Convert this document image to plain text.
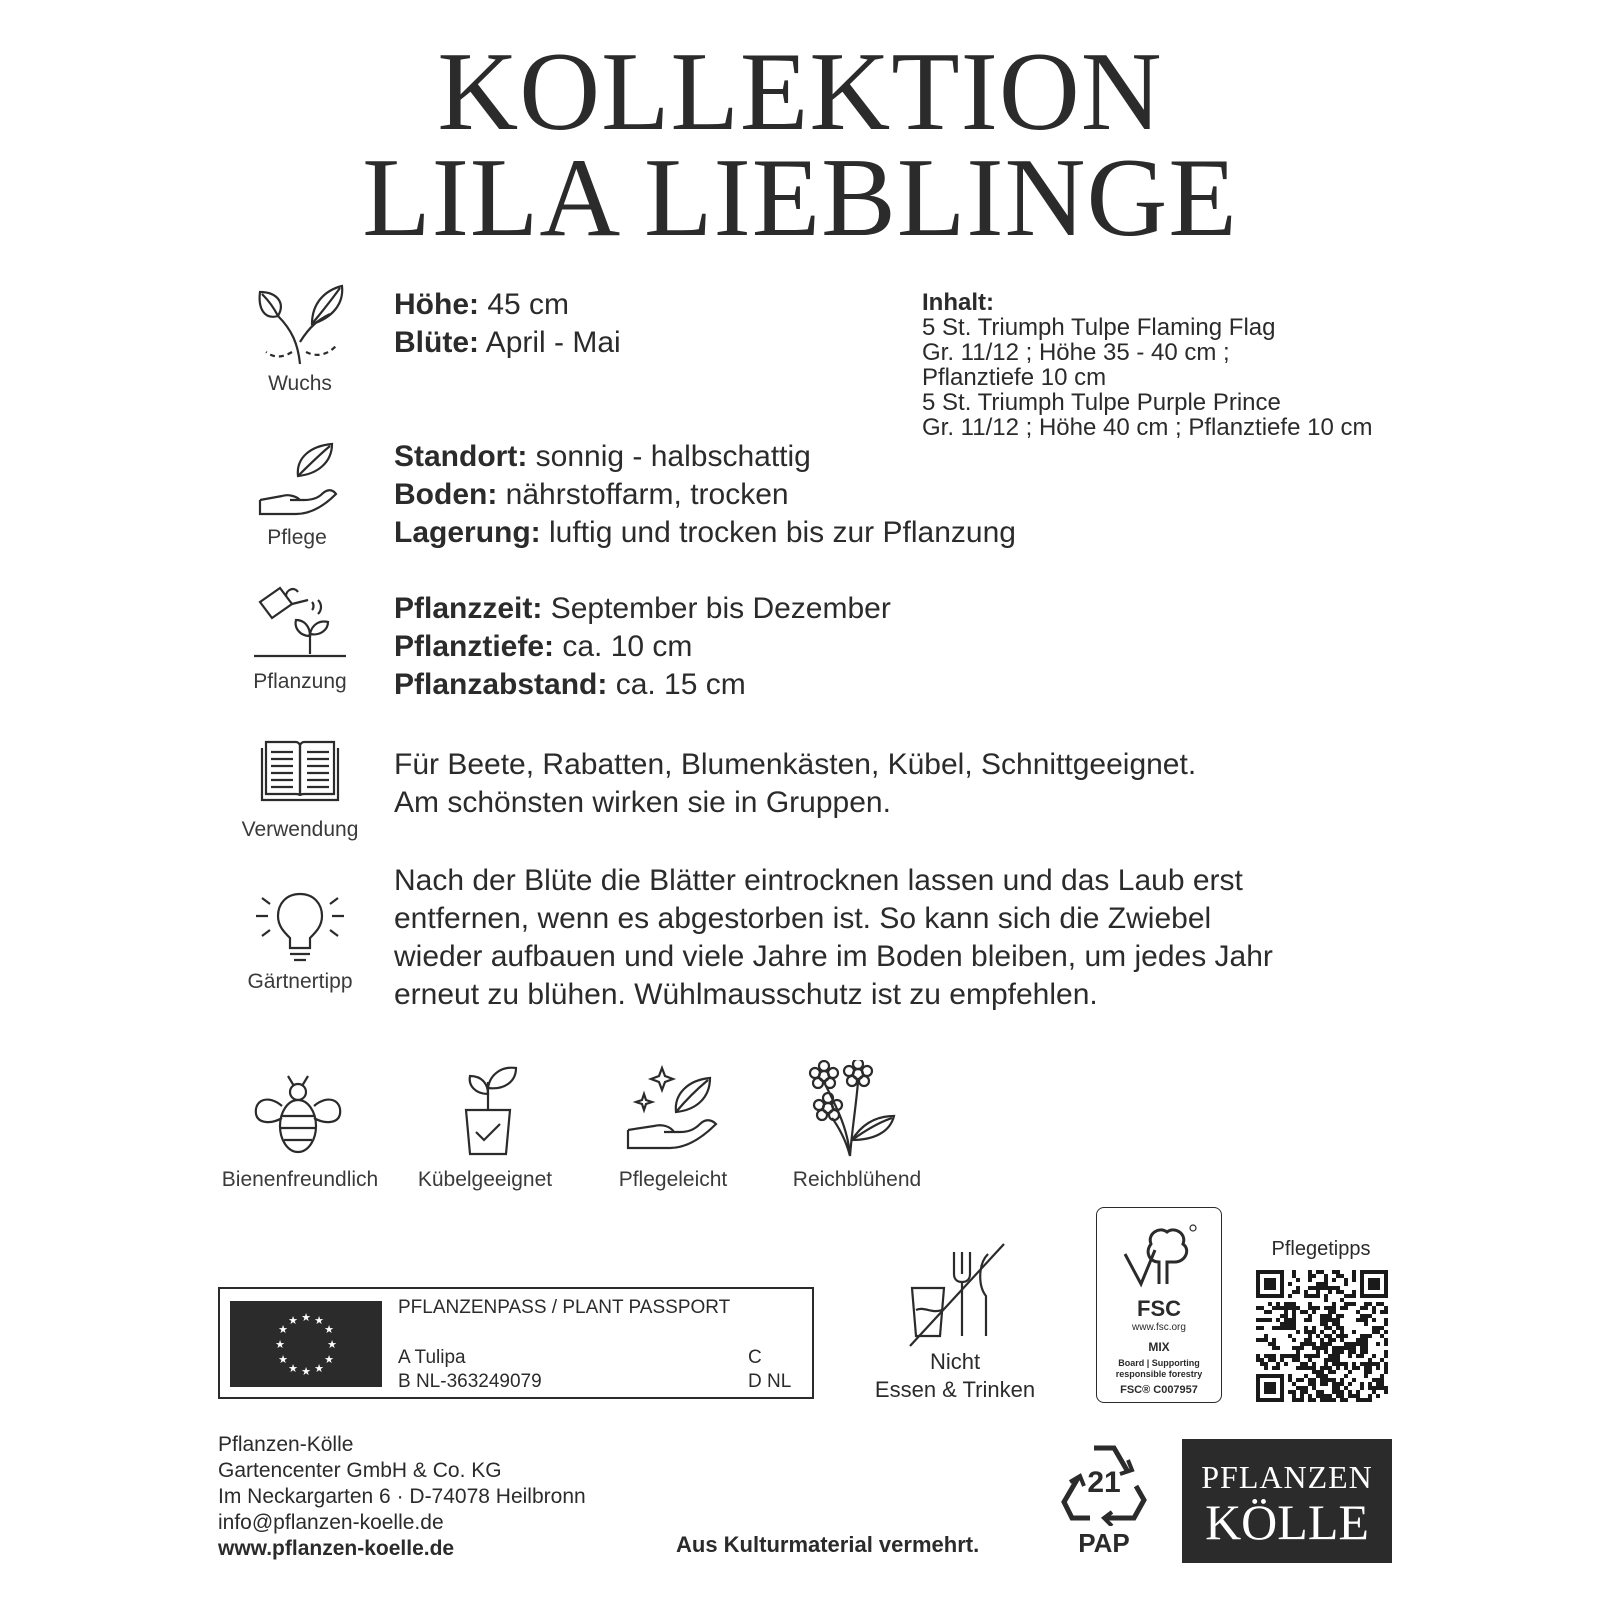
KOLLEKTION
LILA LIEBLINGE
Wuchs
Höhe: 45 cm
Blüte: April - Mai
Inhalt:
5 St. Triumph Tulpe Flaming Flag
Gr. 11/12 ; Höhe 35 - 40 cm ;
Pflanztiefe 10 cm
5 St. Triumph Tulpe Purple Prince
Gr. 11/12 ; Höhe 40 cm ; Pflanztiefe 10 cm
Pflege
Standort: sonnig - halbschattig
Boden: nährstoffarm, trocken
Lagerung: luftig und trocken bis zur Pflanzung
Pflanzung
Pflanzzeit: September bis Dezember
Pflanztiefe: ca. 10 cm
Pflanzabstand: ca. 15 cm
Verwendung
Für Beete, Rabatten, Blumenkästen, Kübel, Schnittgeeignet.
Am schönsten wirken sie in Gruppen.
Gärtnertipp
Nach der Blüte die Blätter eintrocknen lassen und das Laub erst
entfernen, wenn es abgestorben ist. So kann sich die Zwiebel
wieder aufbauen und viele Jahre im Boden bleiben, um jedes Jahr
erneut zu blühen. Wühlmausschutz ist zu empfehlen.
Bienenfreundlich	Kübelgeeignet	Pflegeleicht	Reichblühend
★ ★
★
★
★
★
★
★
★
★
★
★
PFLANZENPASS / PLANT PASSPORT
A Tulipa
B NL-363249079
C
D NL
Nicht
Essen & Trinken
FSC
www.fsc.org
MIX
Board | Supporting
responsible forestry
FSC® C007957
Pflegetipps
Pflanzen-Kölle
Gartencenter GmbH & Co. KG
Im Neckargarten 6 · D-74078 Heilbronn
info@pflanzen-koelle.de
www.pflanzen-koelle.de	Aus Kulturmaterial vermehrt.
21
PAP
PFLANZEN
KÖLLE
